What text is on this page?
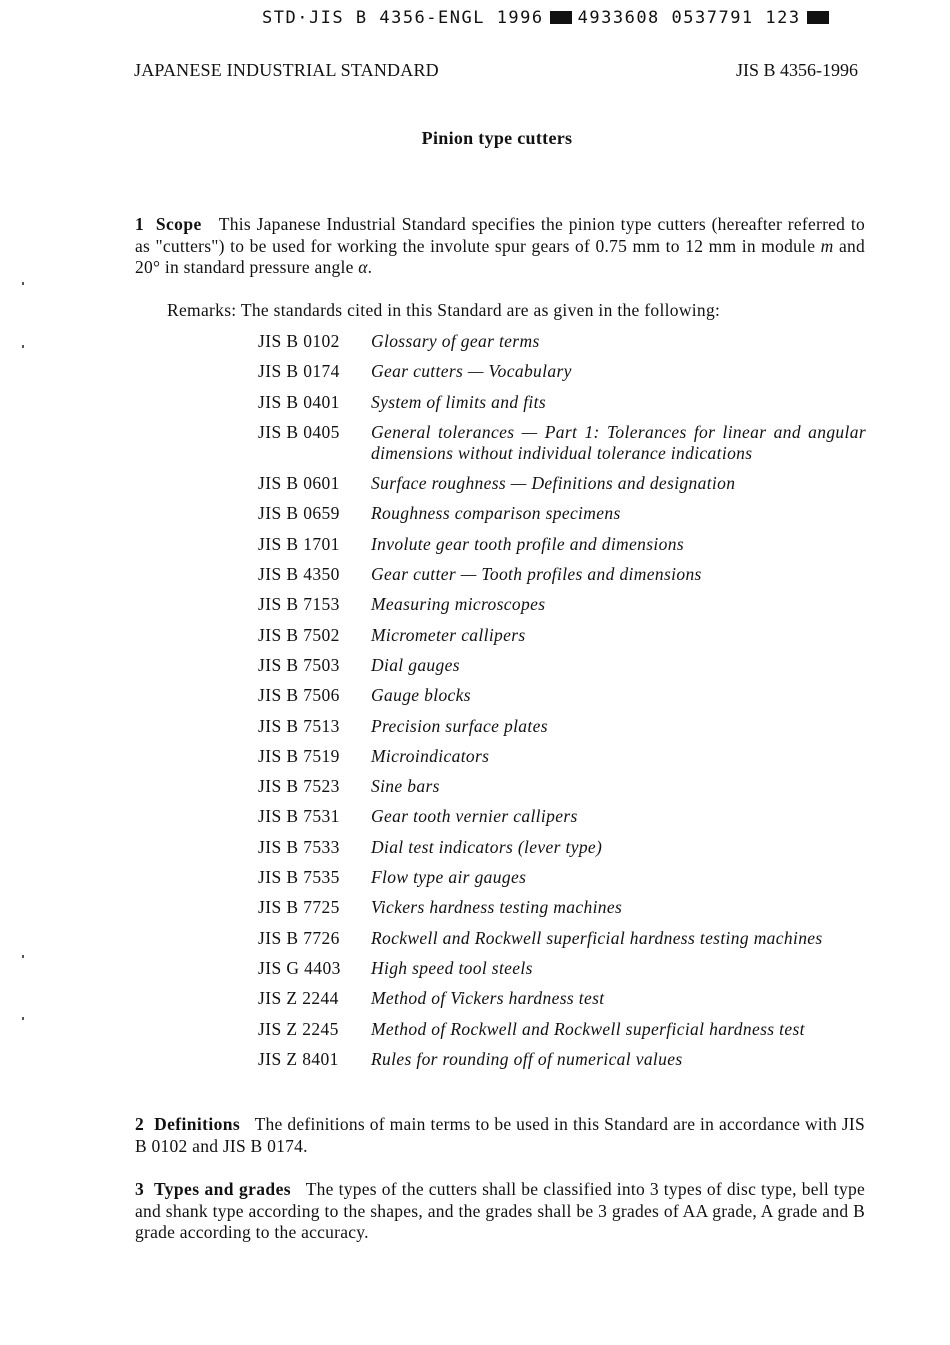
STD·JIS B 4356-ENGL 1996 4933608 0537791 123
JAPANESE INDUSTRIAL STANDARD	JIS B 4356-1996
Pinion type cutters
1  Scope This Japanese Industrial Standard specifies the pinion type cutters (hereafter referred to as "cutters") to be used for working the involute spur gears of 0.75 mm to 12 mm in module m and 20° in standard pressure angle α.
Remarks: The standards cited in this Standard are as given in the following:
JIS B 0102	Glossary of gear terms
JIS B 0174	Gear cutters — Vocabulary
JIS B 0401	System of limits and fits
JIS B 0405	General tolerances — Part 1: Tolerances for linear and angular dimensions without individual tolerance indications
JIS B 0601	Surface roughness — Definitions and designation
JIS B 0659	Roughness comparison specimens
JIS B 1701	Involute gear tooth profile and dimensions
JIS B 4350	Gear cutter — Tooth profiles and dimensions
JIS B 7153	Measuring microscopes
JIS B 7502	Micrometer callipers
JIS B 7503	Dial gauges
JIS B 7506	Gauge blocks
JIS B 7513	Precision surface plates
JIS B 7519	Microindicators
JIS B 7523	Sine bars
JIS B 7531	Gear tooth vernier callipers
JIS B 7533	Dial test indicators (lever type)
JIS B 7535	Flow type air gauges
JIS B 7725	Vickers hardness testing machines
JIS B 7726	Rockwell and Rockwell superficial hardness testing machines
JIS G 4403	High speed tool steels
JIS Z 2244	Method of Vickers hardness test
JIS Z 2245	Method of Rockwell and Rockwell superficial hardness test
JIS Z 8401	Rules for rounding off of numerical values
2  Definitions The definitions of main terms to be used in this Standard are in accordance with JIS B 0102 and JIS B 0174.
3  Types and grades The types of the cutters shall be classified into 3 types of disc type, bell type and shank type according to the shapes, and the grades shall be 3 grades of AA grade, A grade and B grade according to the accuracy.
